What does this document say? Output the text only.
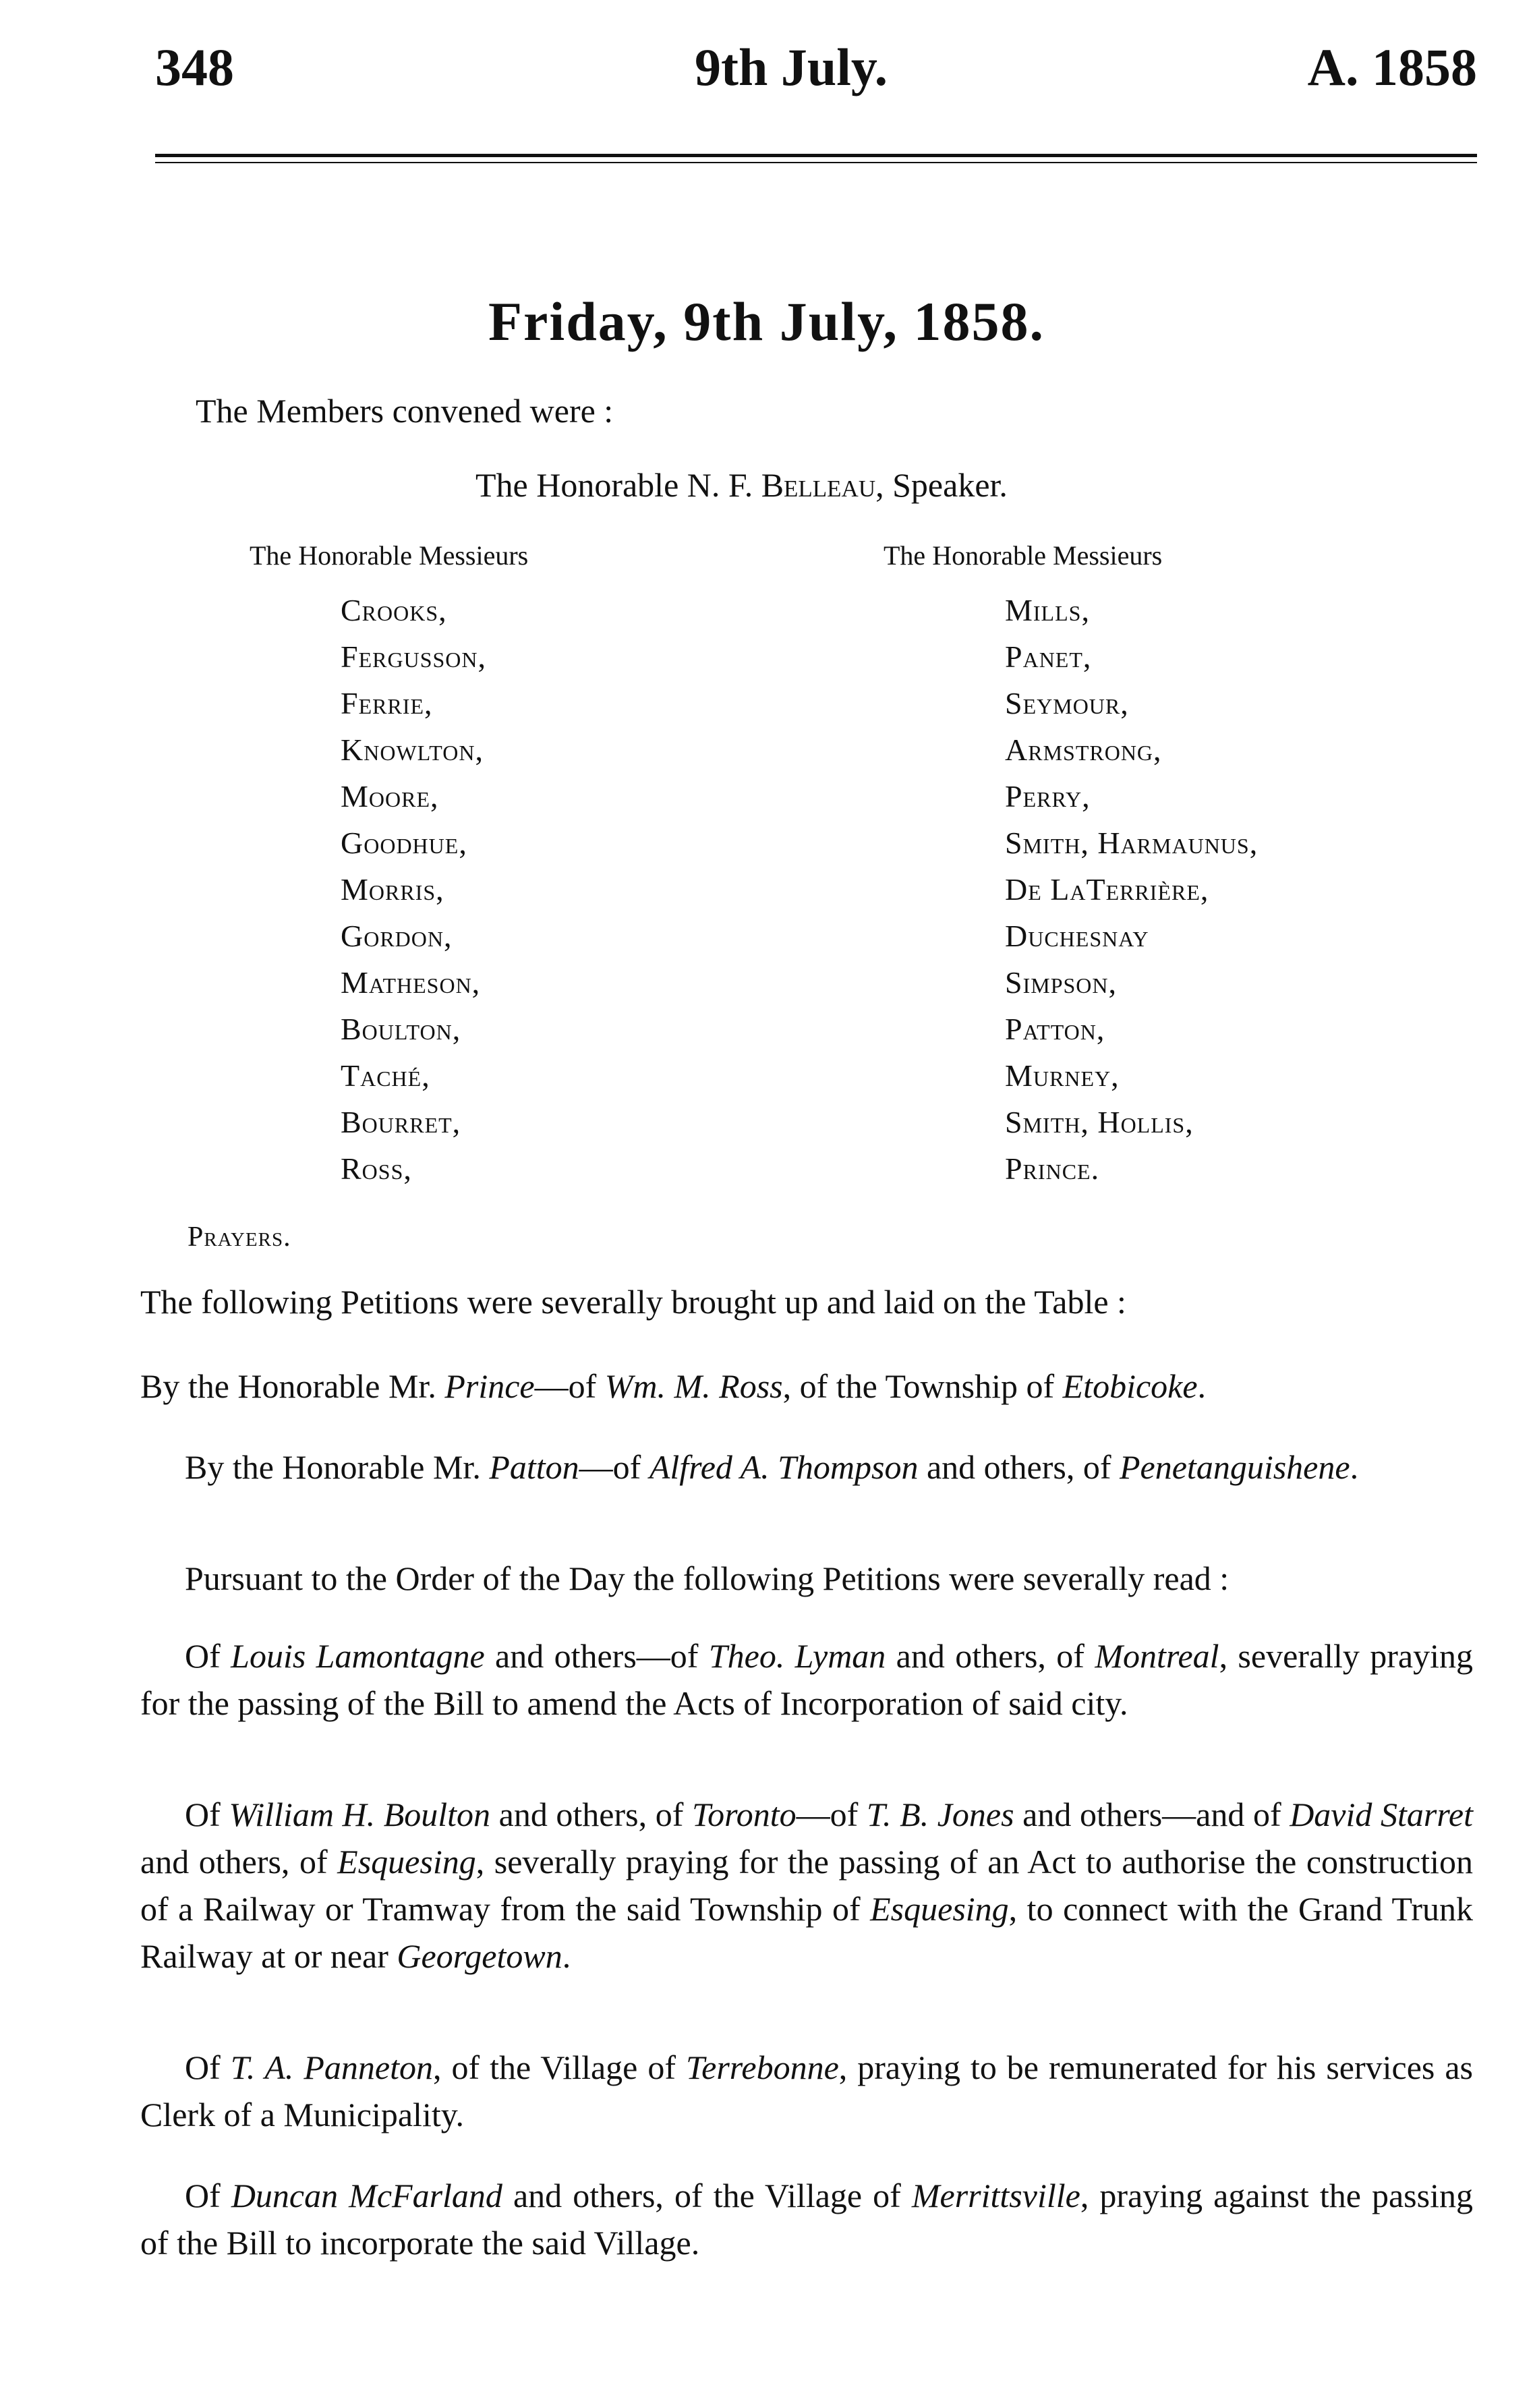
348	9th July.	A. 1858
Friday, 9th July, 1858.
The Members convened were :
The Honorable N. F. Belleau, Speaker.
The Honorable Messieurs	The Honorable Messieurs
Crooks,
Fergusson,
Ferrie,
Knowlton,
Moore,
Goodhue,
Morris,
Gordon,
Matheson,
Boulton,
Taché,
Bourret,
Ross,
Mills,
Panet,
Seymour,
Armstrong,
Perry,
Smith, Harmaunus,
De LaTerrière,
Duchesnay
Simpson,
Patton,
Murney,
Smith, Hollis,
Prince.
Prayers.

The following Petitions were severally brought up and laid on the Table :

By the Honorable Mr. Prince—of Wm. M. Ross, of the Township of Etobicoke.

By the Honorable Mr. Patton—of Alfred A. Thompson and others, of Penetanguishene.

Pursuant to the Order of the Day the following Petitions were severally read :

Of Louis Lamontagne and others—of Theo. Lyman and others, of Montreal, severally praying for the passing of the Bill to amend the Acts of Incorporation of said city.

Of William H. Boulton and others, of Toronto—of T. B. Jones and others—and of David Starret and others, of Esquesing, severally praying for the passing of an Act to authorise the construction of a Railway or Tramway from the said Township of Esquesing, to connect with the Grand Trunk Railway at or near Georgetown.

Of T. A. Panneton, of the Village of Terrebonne, praying to be remunerated for his services as Clerk of a Municipality.

Of Duncan McFarland and others, of the Village of Merrittsville, praying against the passing of the Bill to incorporate the said Village.
